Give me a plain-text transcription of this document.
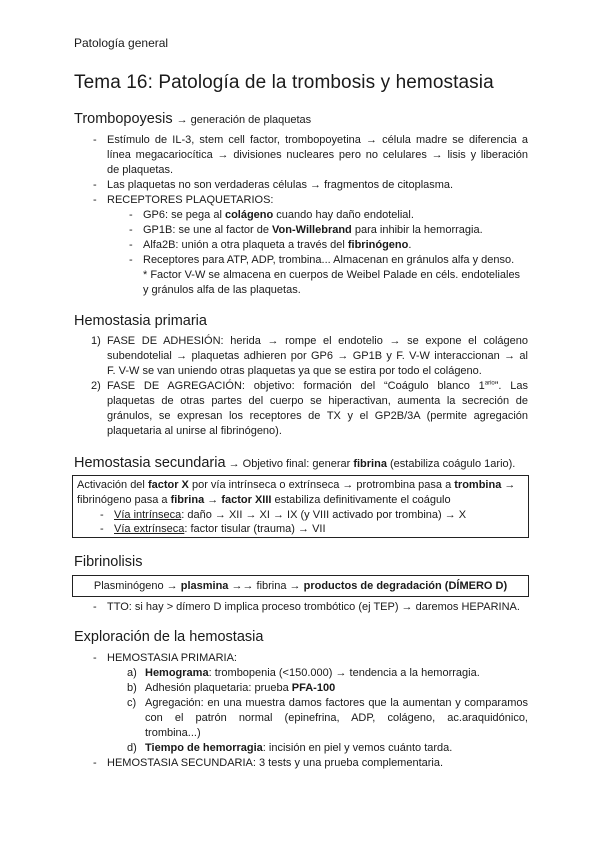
Patología general
Tema 16: Patología de la trombosis y hemostasia
Trombopoyesis → generación de plaquetas
- Estímulo de IL-3, stem cell factor, trombopoyetina → célula madre se diferencia a
línea megacariocítica → divisiones nucleares pero no celulares → lisis y liberación
de plaquetas.
- Las plaquetas no son verdaderas células → fragmentos de citoplasma.
- RECEPTORES PLAQUETARIOS:
- GP6: se pega al colágeno cuando hay daño endotelial.
- GP1B: se une al factor de Von-Willebrand para inhibir la hemorragia.
- Alfa2B: unión a otra plaqueta a través del fibrinógeno.
- Receptores para ATP, ADP, trombina... Almacenan en gránulos alfa y denso.
* Factor V-W se almacena en cuerpos de Weibel Palade en céls. endoteliales
y gránulos alfa de las plaquetas.
Hemostasia primaria
1) FASE DE ADHESIÓN: herida → rompe el endotelio → se expone el colágeno
subendotelial → plaquetas adhieren por GP6 → GP1B y F. V-W interaccionan → al
F. V-W se van uniendo otras plaquetas ya que se estira por todo el colágeno.
2) FASE DE AGREGACIÓN: objetivo: formación del “Coágulo blanco $1^{ario}$”. Las
plaquetas de otras partes del cuerpo se hiperactivan, aumenta la secreción de
gránulos, se expresan los receptores de TX y el GP2B/3A (permite agregación
plaquetaria al unirse al fibrinógeno).
Hemostasia secundaria → Objetivo final: generar fibrina (estabiliza coágulo 1ario).
Activación del factor X por vía intrínseca o extrínseca → protrombina pasa a trombina →
fibrinógeno pasa a fibrina → factor XIII estabiliza definitivamente el coágulo
- Vía intrínseca: daño → XII → XI → IX (y VIII activado por trombina) → X
- Vía extrínseca: factor tisular (trauma) → VII
Fibrinolisis
Plasminógeno → plasmina →→ fibrina → productos de degradación (DÍMERO D)
- TTO: si hay > dímero D implica proceso trombótico (ej TEP) → daremos HEPARINA.
Exploración de la hemostasia
- HEMOSTASIA PRIMARIA:
a) Hemograma: trombopenia (<150.000) → tendencia a la hemorragia.
b) Adhesión plaquetaria: prueba PFA-100
c) Agregación: en una muestra damos factores que la aumentan y comparamos
con el patrón normal (epinefrina, ADP, colágeno, ac.araquidónico,
trombina...)
d) Tiempo de hemorragia: incisión en piel y vemos cuánto tarda.
- HEMOSTASIA SECUNDARIA: 3 tests y una prueba complementaria.
